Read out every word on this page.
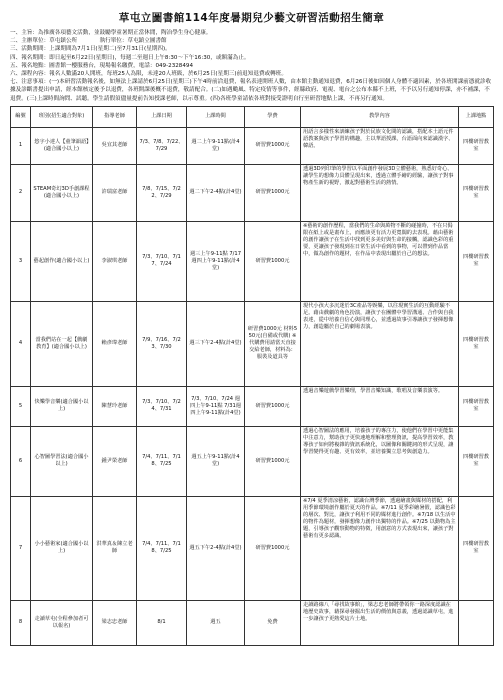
草屯立圖書館114年度暑期兒少藝文研習活動招生簡章
一、主旨：為推廣各項藝文活動，並鼓勵學童暑期正當休閒，陶冶學生身心健康。
二、主辦單位：草屯鎮公所　　　　執行單位：草屯鎮立圖書館
三、活動期間：上課期間為7月1日(星期二)至7月31日(星期四)。
四、報名期間：即日起至6月22日(星期日)，每週二至週日上午8:30～下午16:30，或額滿為止。
五、報名地點：圖書館一樓服務台，現場報名繳費，電話：049-2328494
六、課程內容：報名人數滿20人開班，每班25人為限，未達20人班級，於6月25日(星期三)前退知退費或轉班。
七、注意事項：(一)本研習活動報名後，如無法上課請於6月25日(星期三)下午4時前洽退費，報名表達開班人數，由本館主動通知退費，6月26日後如因個人身體不適因素，於各班開課前憑就診收據及診斷書提出申請，經本館核定後予以退費，各班開課後概不退費，敬請配合。(二)如遇颱風、特定疫情等事件，經縣政府、電視、電台之公布本縣不上班，不予以另行通知停課，亦不補課，不退費。(三)上課時間詢問、試聽。學生請假須儘量提前告知授課老師，以示尊重。(四)各班學童請依各班對接受證明自行至研習地點上課，不再另行通知。
編號	班別(招生適合對象)	指導老師	上課日期	上課時間	學費	教學內容	上課地點
1	悠字小達人【童筆韻語】(適合國小以上)	吳宜其老師	7/3、7/8、7/22、7/29	週二上午9-11點(計4堂)	研習費1000元	用語言多樣性來訓練孩子對於民族文化間的認識，搭配本土語元件語教案與孩子學習的構趣，主以華語授課，台語面向來認識漢字、韓語。	四樓研習教室
2	STEAM奇幻3D手創課程(適合國小以上)	許瑞富老師	7/8、7/15、7/22、7/29	週二下午2-4點(計4堂)	研習費1000元	透過3D列印筆的學習以平面創作發展3D立體藝術，熟悉好奇心、讓學生的想像力具體呈現出來，透過立體手繪的經驗，讓孩子對事物產生新的視野，激起對藝術生活的熱情。	四樓研習教室
3	藝起創作(適合國小以上)	李淑琪老師	7/3、7/10、7/17、7/24	週三上午9-11點 7/17週四上午9-11點(計4堂)	研習費1000元	※藝術的創作歷程，當我們的生命與萬物不斷的碰撞時，不在只侷限在紙上或是畫布上，而應該更有活力更寬闊的去表現。藉由藝術的創作讓孩子在生活中找到更多美好與生命的接觸，認識色彩的重要，更讓孩子發現到在日常生活中看到的事物，可以帶到作品當中，做為創作的題材，在作品中表現出屬於自己的想法。	四樓研習教室
4	當我們站在一起【戲劇教育】(適合國小以上)	賴彥瑋老師	7/9、7/16、7/23、7/30	週三下午2-4點(計4堂)	研習費1000元 材料550元(自備或代購) ※代購費用請當天直接交給老師，材料為：服裝及道具等	現代小孩大多沉迷於3C產品等娛樂，以往現實生活的互動經驗不足。藉由戲劇的角色扮演，讓孩子在團體中學習溝通、合作與自我表達，從中培養自信心與同理心，並透過故事引導讓孩子發揮想像力，創造屬於自己的劇場表演。	四樓研習教室
5	快樂學音樂(適合國小以上)	陳慧玲老師	7/3、7/10、7/24、7/31	7/3、7/10、7/24 週四上午9-11點 7/31週四上午9-11點(計4堂)	研習費1000元	透過音樂遊戲學習樂理，學習音樂知識，歌唱及音樂表演等。	四樓研習教室
6	心智圖學習法(適合國小以上)	鍾尹榮老師	7/4、7/11、7/18、7/25	週五上午9-11點(計4堂)	研習費1000元	透過心智圖法的應用，培養孩子的專注力，使他們在學習中更能集中注意力，幫助孩子更快速地理解和整理資訊，提高學習效率，教導孩子如何將複雜的資訊系統化，以圖像和關鍵詞的形式呈現，讓學習變得更有趣、更有效率，並培養獨立思考與創造力。	四樓研習教室
7	小小藝術家(適合國小以上)	洪華真＆陳立老師	7/4、7/11、7/18、7/25	週五下午2-4點(計4堂)	研習費1000元	※7/4 夏季清涼藝術，認識台灣季節，透過繪畫與媒材的搭配，利用季節環境創作屬於夏天的作品。※7/11 夏季彩繪暑假，認識色彩的層次、對比，讓孩子利用不同的媒材進行創作。※7/18 以生活中的物件為題材，發揮想像力創作出獨特的作品。※7/25 以動物為主題，引導孩子觀察動物的特徵，用創意的方式表現出來，讓孩子對藝術有更多認識。	四樓研習教室
8	走讀草屯(全程參加者可以報名)	梁志忠老師	8/1	週五	免費	走讀路線八「尋找故事館」，梁志忠老師將帶領你一路深度認識在地歷史故事，藉探尋發掘出生活的價值與意義，透過認識草屯，進一步讓孩子更熱愛這片土地。	
